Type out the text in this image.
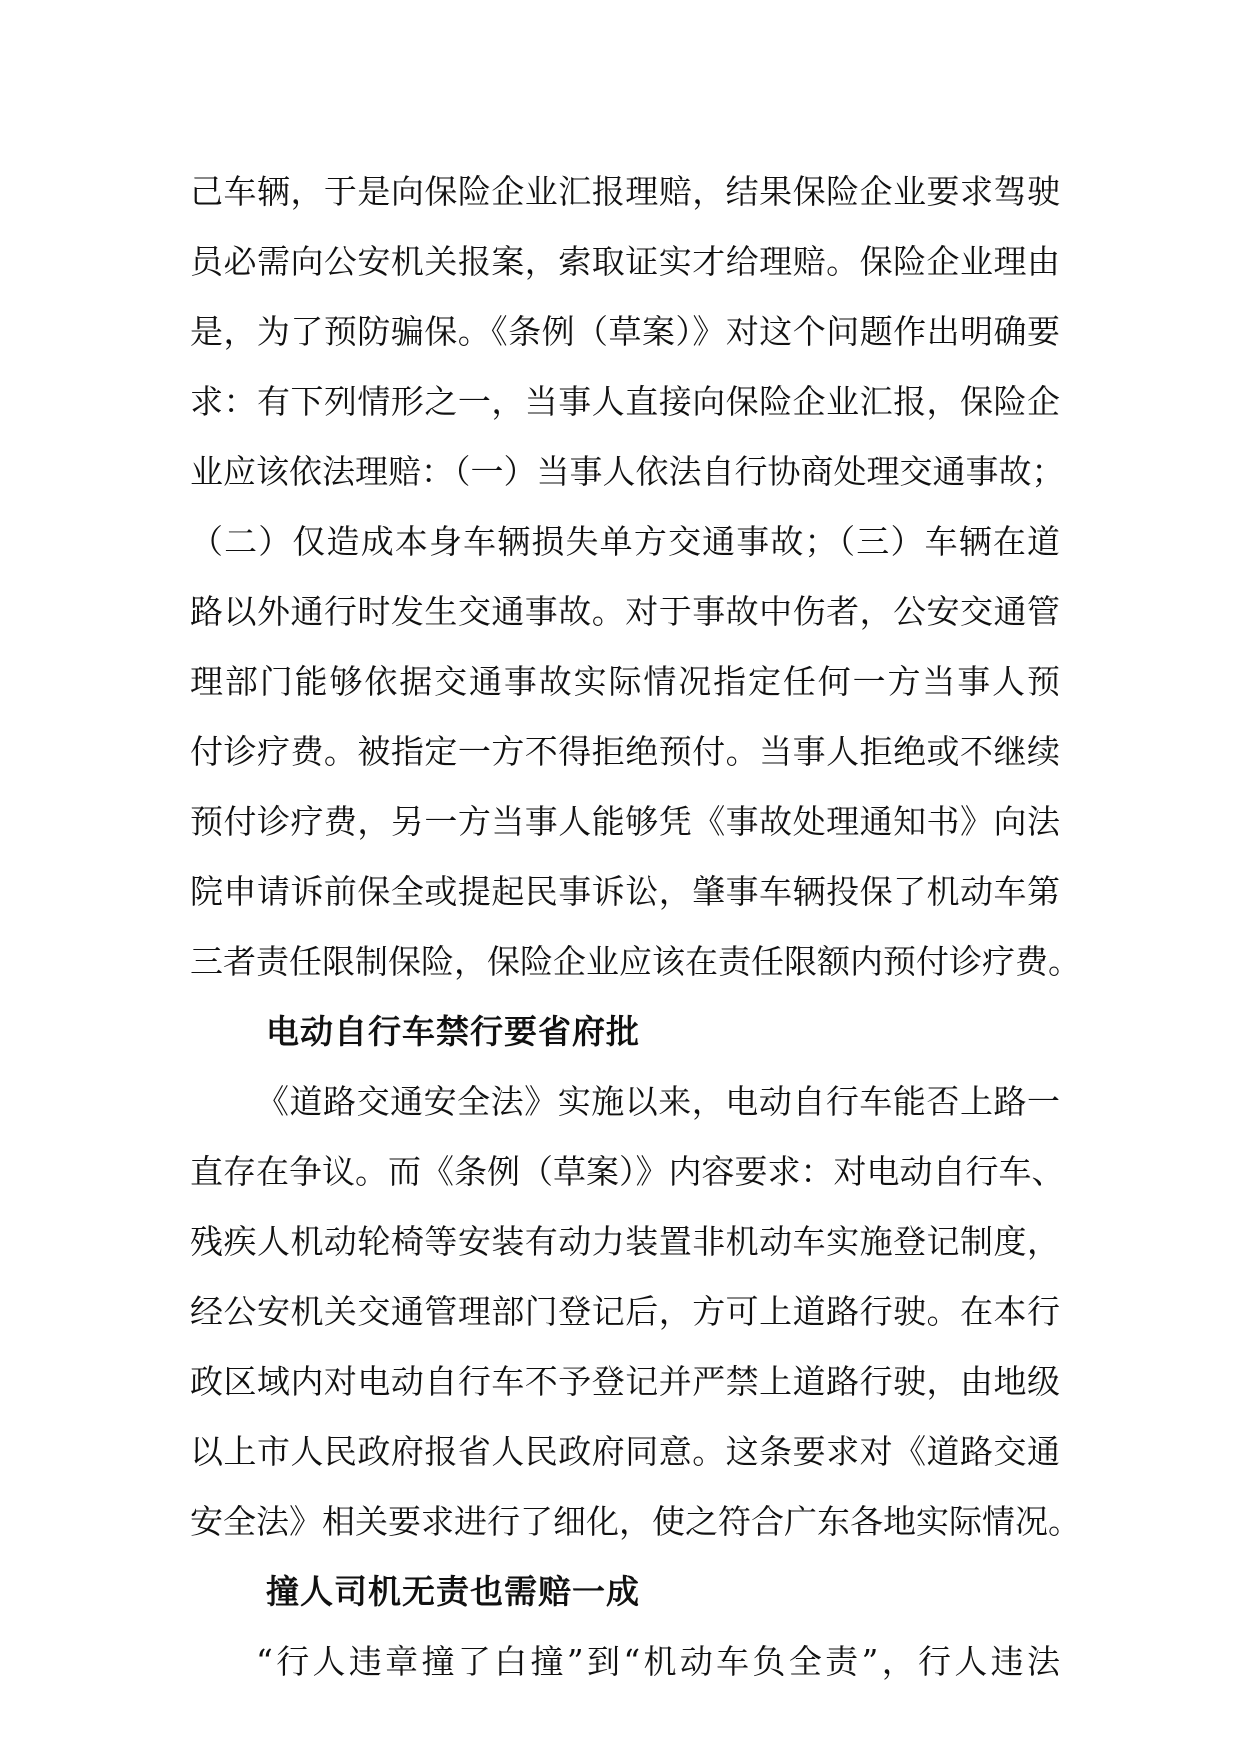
己车辆，于是向保险企业汇报理赔，结果保险企业要求驾驶
员必需向公安机关报案，索取证实才给理赔。保险企业理由
是，为了预防骗保。《条例（草案）》对这个问题作出明确要
求：有下列情形之一，当事人直接向保险企业汇报，保险企
业应该依法理赔：（一）当事人依法自行协商处理交通事故；
（二）仅造成本身车辆损失单方交通事故；（三）车辆在道
路以外通行时发生交通事故。对于事故中伤者，公安交通管
理部门能够依据交通事故实际情况指定任何一方当事人预
付诊疗费。被指定一方不得拒绝预付。当事人拒绝或不继续
预付诊疗费，另一方当事人能够凭《事故处理通知书》向法
院申请诉前保全或提起民事诉讼，肇事车辆投保了机动车第
三者责任限制保险，保险企业应该在责任限额内预付诊疗费。
电动自行车禁行要省府批
《道路交通安全法》实施以来，电动自行车能否上路一
直存在争议。而《条例（草案）》内容要求：对电动自行车、
残疾人机动轮椅等安装有动力装置非机动车实施登记制度，
经公安机关交通管理部门登记后，方可上道路行驶。在本行
政区域内对电动自行车不予登记并严禁上道路行驶，由地级
以上市人民政府报省人民政府同意。这条要求对《道路交通
安全法》相关要求进行了细化，使之符合广东各地实际情况。
撞人司机无责也需赔一成
“行人违章撞了白撞”到“机动车负全责”，行人违法
